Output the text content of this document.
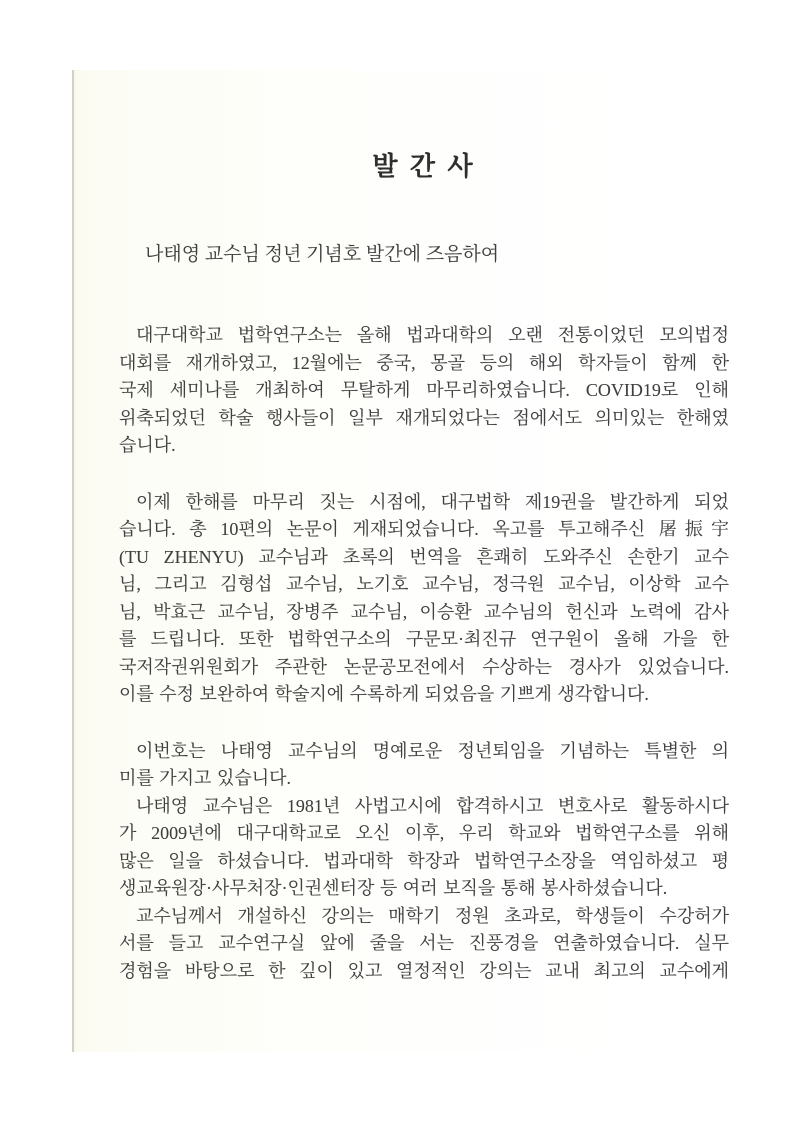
발 간 사
나태영 교수님 정년 기념호 발간에 즈음하여
대구대학교 법학연구소는 올해 법과대학의 오랜 전통이었던 모의법정
대회를 재개하였고, 12월에는 중국, 몽골 등의 해외 학자들이 함께 한
국제 세미나를 개최하여 무탈하게 마무리하였습니다. COVID19로 인해
위축되었던 학술 행사들이 일부 재개되었다는 점에서도 의미있는 한해였
습니다.
이제 한해를 마무리 짓는 시점에, 대구법학 제19권을 발간하게 되었
습니다. 총 10편의 논문이 게재되었습니다. 옥고를 투고해주신 屠振宇
(TU ZHENYU) 교수님과 초록의 번역을 흔쾌히 도와주신 손한기 교수
님, 그리고 김형섭 교수님, 노기호 교수님, 정극원 교수님, 이상학 교수
님, 박효근 교수님, 장병주 교수님, 이승환 교수님의 헌신과 노력에 감사
를 드립니다. 또한 법학연구소의 구문모·최진규 연구원이 올해 가을 한
국저작권위원회가 주관한 논문공모전에서 수상하는 경사가 있었습니다.
이를 수정 보완하여 학술지에 수록하게 되었음을 기쁘게 생각합니다.
이번호는 나태영 교수님의 명예로운 정년퇴임을 기념하는 특별한 의
미를 가지고 있습니다.
나태영 교수님은 1981년 사법고시에 합격하시고 변호사로 활동하시다
가 2009년에 대구대학교로 오신 이후, 우리 학교와 법학연구소를 위해
많은 일을 하셨습니다. 법과대학 학장과 법학연구소장을 역임하셨고 평
생교육원장·사무처장·인권센터장 등 여러 보직을 통해 봉사하셨습니다.
교수님께서 개설하신 강의는 매학기 정원 초과로, 학생들이 수강허가
서를 들고 교수연구실 앞에 줄을 서는 진풍경을 연출하였습니다. 실무
경험을 바탕으로 한 깊이 있고 열정적인 강의는 교내 최고의 교수에게
